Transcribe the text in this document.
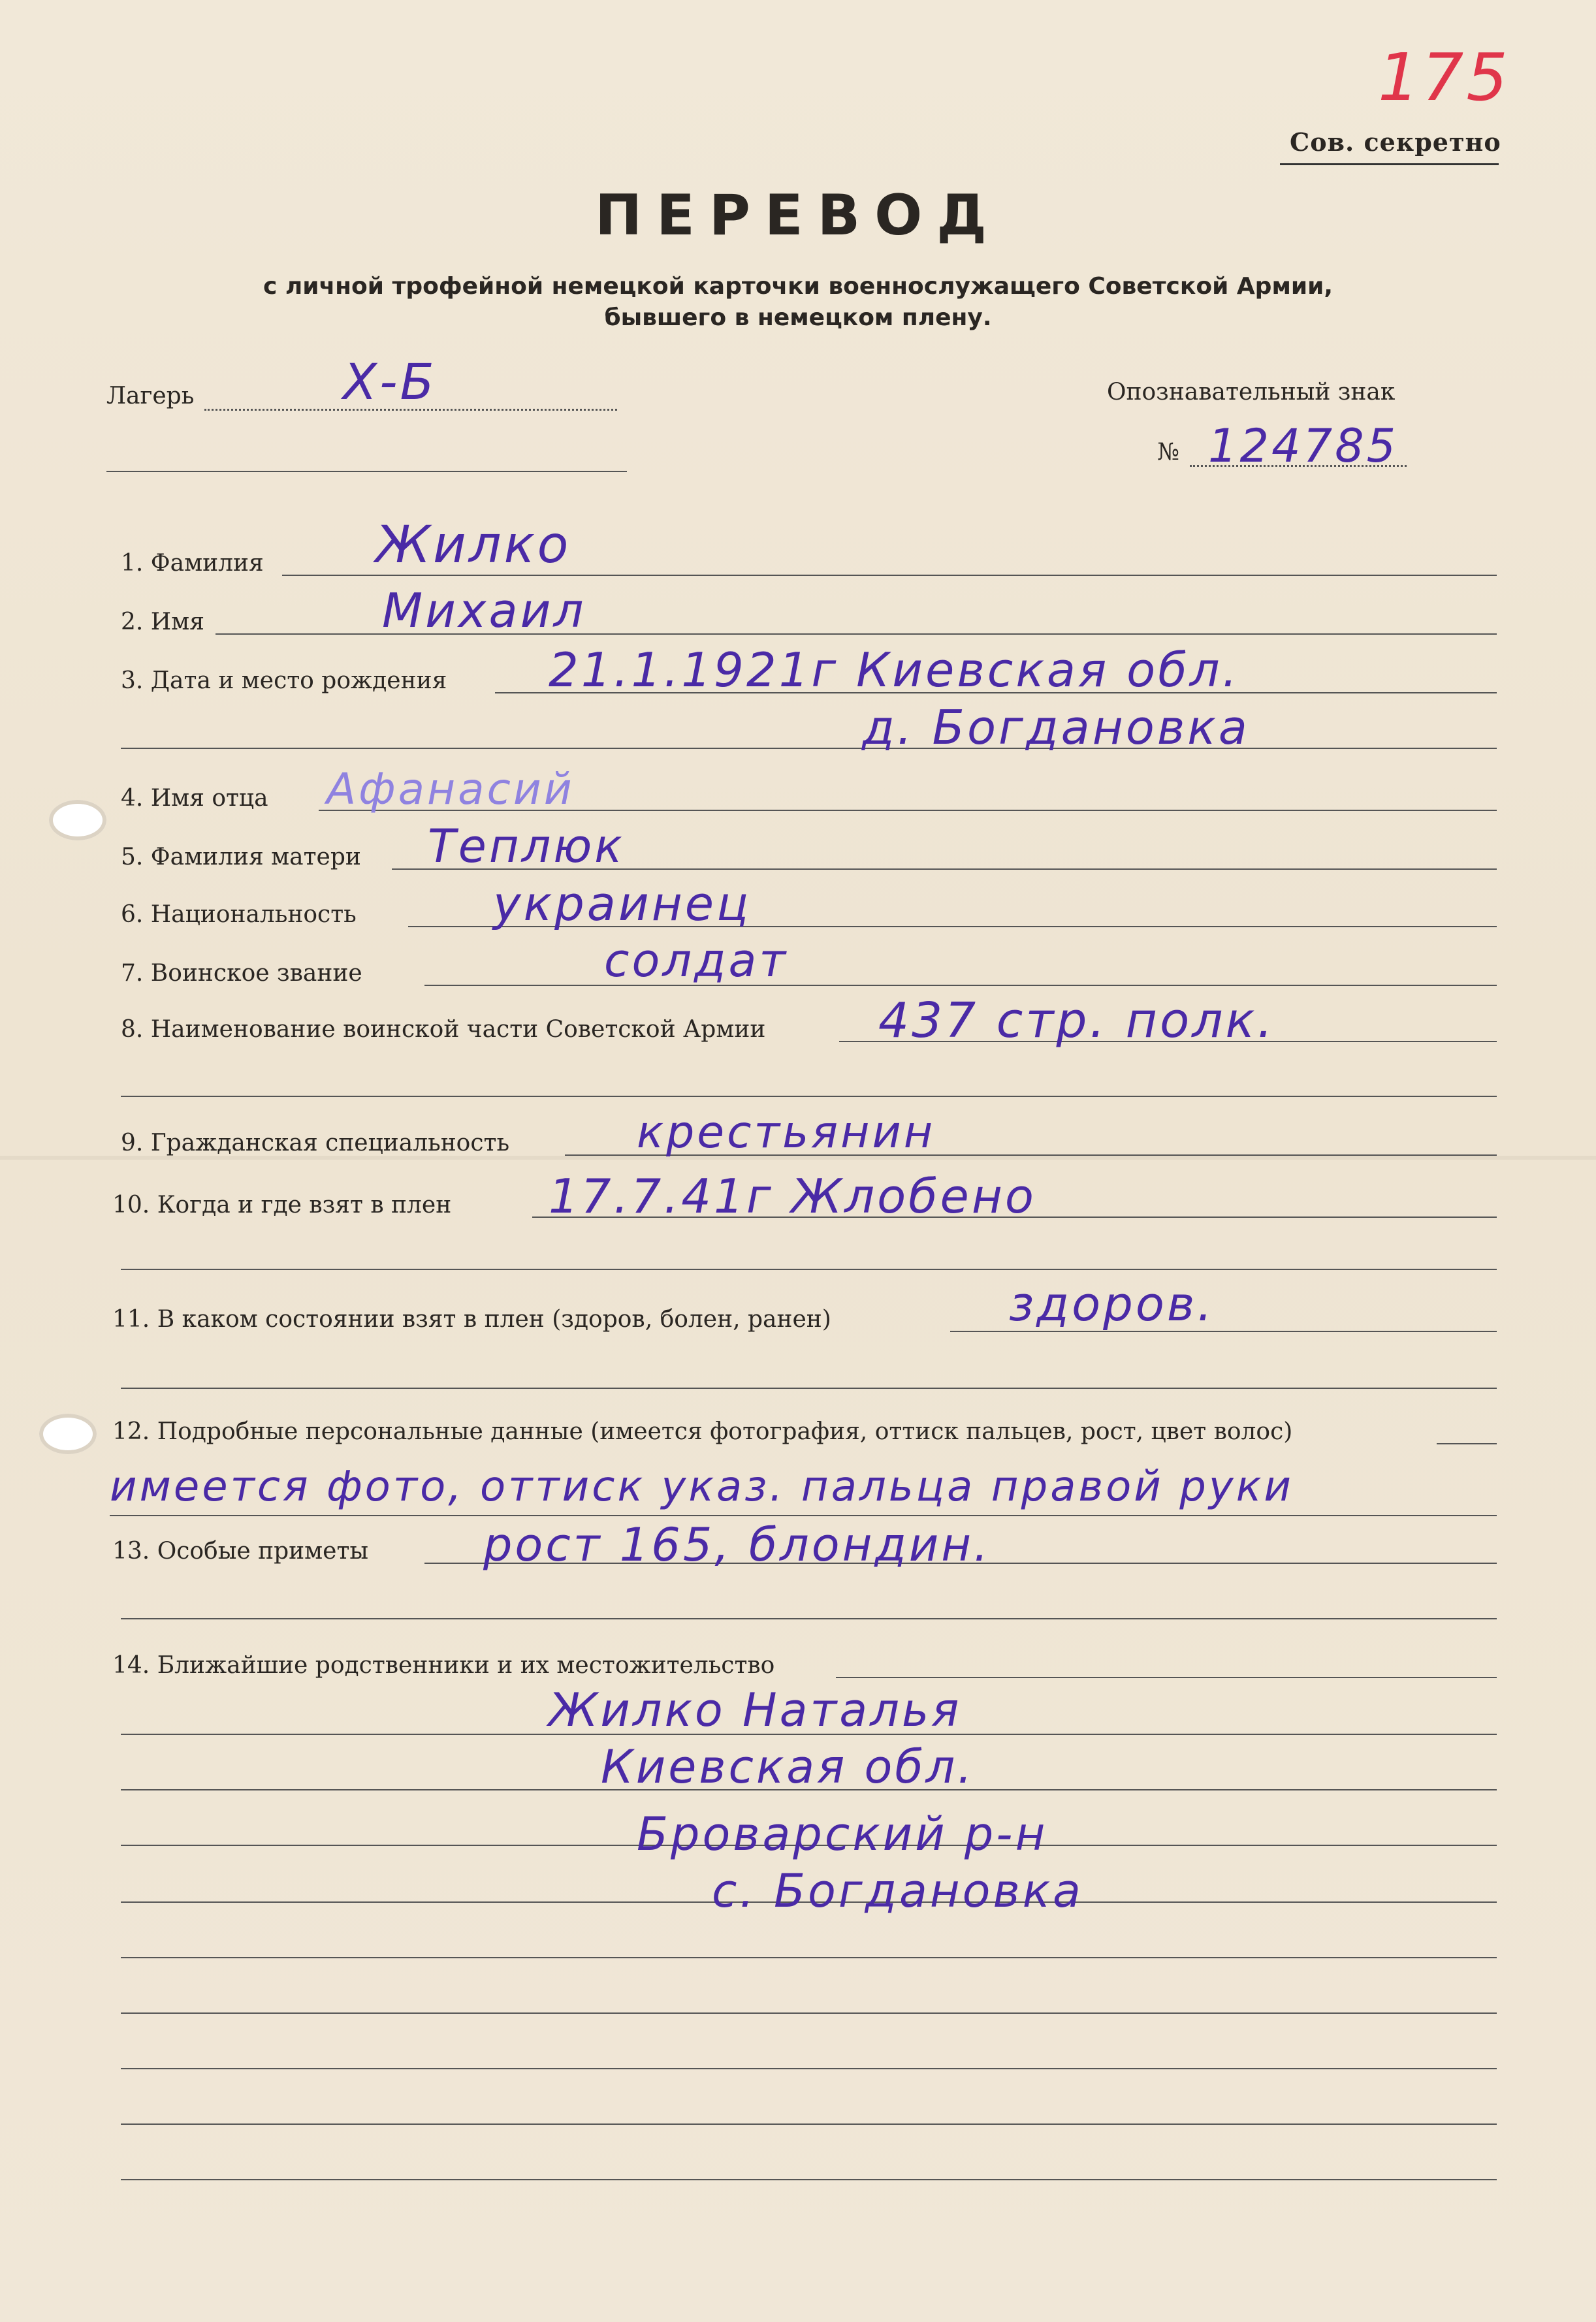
175
Сов. секретно
ПЕРЕВОД
с личной трофейной немецкой карточки военнослужащего Советской Армии,
бывшего в немецком плену.
Лагерь	Х-Б	Опознавательный знак
№ 124785
1. Фамилия Жилко
2. Имя	Михаил
3. Дата и место рождения 21.1.1921г Киевская обл.
д. Богдановка
4. Имя отца Афанасий
5. Фамилия матери Теплюк
6. Национальность	украинец
7. Воинское звание	солдат
8. Наименование воинской части Советской Армии 437 стр. полк.
9. Гражданская специальность	крестьянин
10. Когда и где взят в плен 17.7.41г Жлобено
11. В каком состоянии взят в плен (здоров, болен, ранен)	здоров.
12. Подробные персональные данные (имеется фотография, оттиск пальцев, рост, цвет волос)
имеется фото, оттиск указ. пальца правой руки
13. Особые приметы	рост 165, блондин.
14. Ближайшие родственники и их местожительство
Жилко Наталья
Киевская обл.
Броварский р-н
с. Богдановка
